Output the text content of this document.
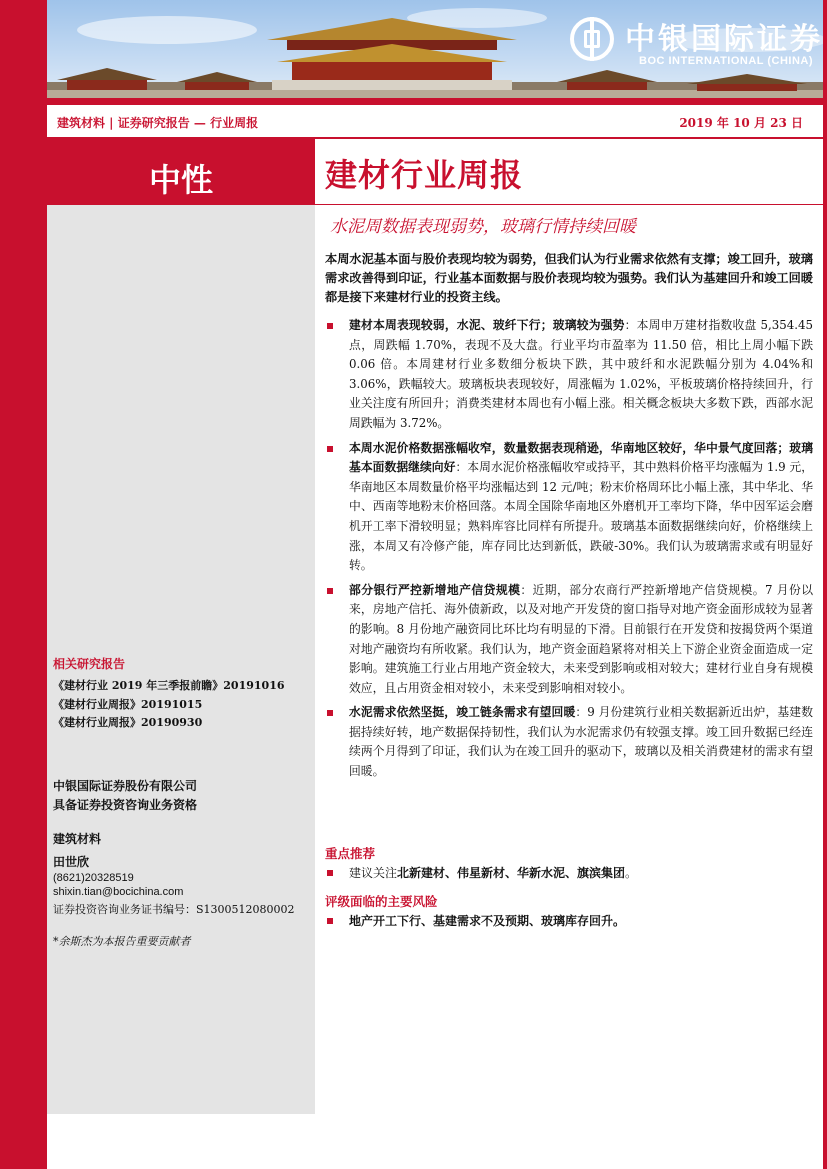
中银国际证券
BOC INTERNATIONAL (CHINA)
建筑材料 | 证券研究报告 — 行业周报	2019 年 10 月 23 日
中性
相关研究报告
《建材行业 2019 年三季报前瞻》20191016
《建材行业周报》20191015
《建材行业周报》20190930
中银国际证券股份有限公司
具备证券投资咨询业务资格
建筑材料
田世欣
(8621)20328519
shixin.tian@bocichina.com
证券投资咨询业务证书编号：S1300512080002
*余斯杰为本报告重要贡献者
建材行业周报
水泥周数据表现弱势，玻璃行情持续回暖
本周水泥基本面与股价表现均较为弱势，但我们认为行业需求依然有支撑；竣工回升，玻璃需求改善得到印证，行业基本面数据与股价表现均较为强势。我们认为基建回升和竣工回暖都是接下来建材行业的投资主线。
建材本周表现较弱，水泥、玻纤下行；玻璃较为强势：本周申万建材指数收盘 5,354.45 点，周跌幅 1.70%，表现不及大盘。行业平均市盈率为 11.50 倍，相比上周小幅下跌 0.06 倍。本周建材行业多数细分板块下跌，其中玻纤和水泥跌幅分别为 4.04%和 3.06%，跌幅较大。玻璃板块表现较好，周涨幅为 1.02%，平板玻璃价格持续回升，行业关注度有所回升；消费类建材本周也有小幅上涨。相关概念板块大多数下跌，西部水泥周跌幅为 3.72%。
本周水泥价格数据涨幅收窄，数量数据表现稍逊，华南地区较好，华中景气度回落；玻璃基本面数据继续向好：本周水泥价格涨幅收窄或持平，其中熟料价格平均涨幅为 1.9 元，华南地区本周数量价格平均涨幅达到 12 元/吨；粉末价格周环比小幅上涨，其中华北、华中、西南等地粉末价格回落。本周全国除华南地区外磨机开工率均下降，华中因军运会磨机开工率下滑较明显；熟料库容比同样有所提升。玻璃基本面数据继续向好，价格继续上涨，本周又有冷修产能，库存同比达到新低，跌破-30%。我们认为玻璃需求或有明显好转。
部分银行严控新增地产信贷规模：近期，部分农商行严控新增地产信贷规模。7 月份以来，房地产信托、海外债新政，以及对地产开发贷的窗口指导对地产资金面形成较为显著的影响。8 月份地产融资同比环比均有明显的下滑。目前银行在开发贷和按揭贷两个渠道对地产融资均有所收紧。我们认为，地产资金面趋紧将对相关上下游企业资金面造成一定影响。建筑施工行业占用地产资金较大，未来受到影响或相对较大；建材行业自身有规模效应，且占用资金相对较小，未来受到影响相对较小。
水泥需求依然坚挺，竣工链条需求有望回暖：9 月份建筑行业相关数据新近出炉，基建数据持续好转，地产数据保持韧性，我们认为水泥需求仍有较强支撑。竣工回升数据已经连续两个月得到了印证，我们认为在竣工回升的驱动下，玻璃以及相关消费建材的需求有望回暖。
重点推荐
建议关注北新建材、伟星新材、华新水泥、旗滨集团。
评级面临的主要风险
地产开工下行、基建需求不及预期、玻璃库存回升。
